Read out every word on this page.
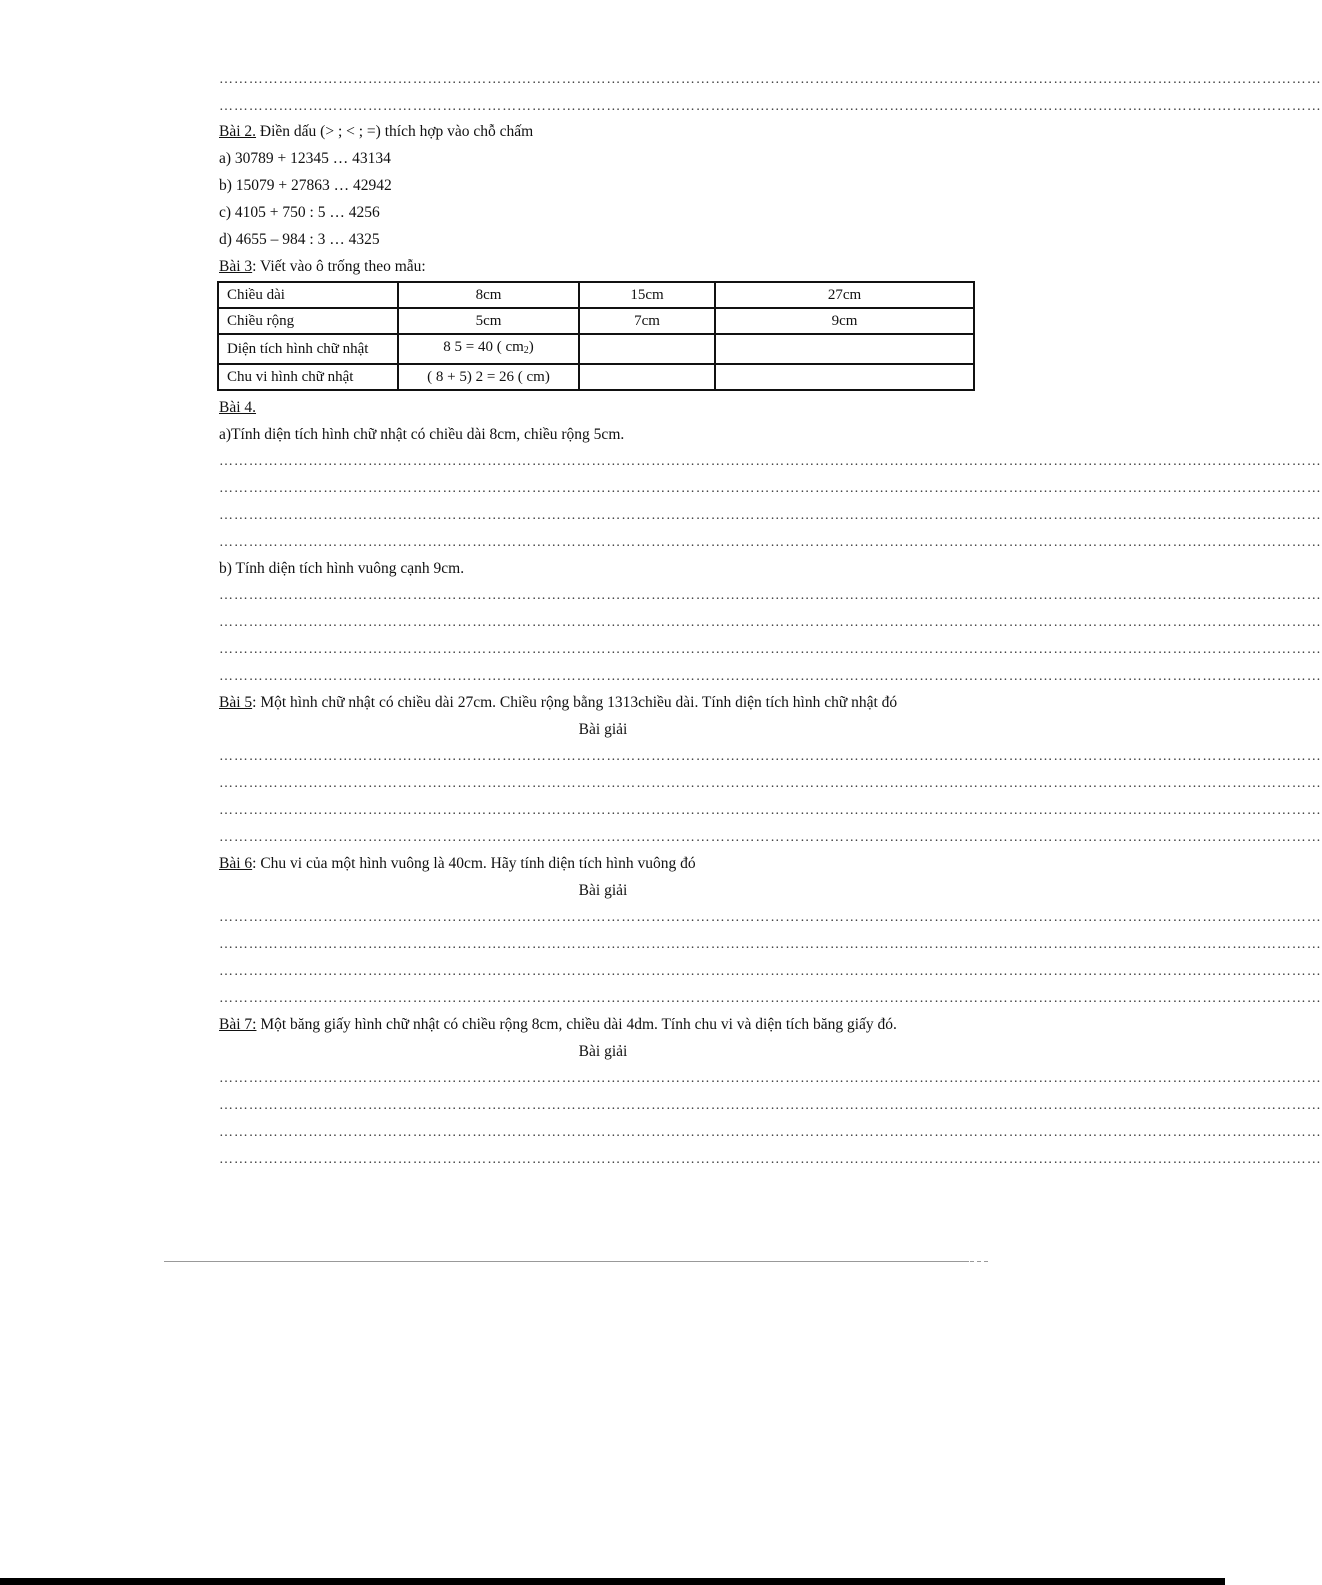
……………………………………………………………………………………………………………………………………………………………………………………………………
……………………………………………………………………………………………………………………………………………………………………………………………………
Bài 2. Điền dấu (> ; < ; =) thích hợp vào chỗ chấm
a) 30789 + 12345 … 43134
b) 15079 + 27863 … 42942
c) 4105 + 750 : 5 … 4256
d) 4655 – 984 : 3 … 4325
Bài 3: Viết vào ô trống theo mẫu:
Chiều dài	8cm	15cm	27cm
Chiều rộng	5cm	7cm	9cm
Diện tích hình chữ nhật	8 5 = 40 ( $cm_2$)		
Chu vi hình chữ nhật	( 8 + 5) 2 = 26 ( cm)		
Bài 4.
a)Tính diện tích hình chữ nhật có chiều dài 8cm, chiều rộng 5cm.
……………………………………………………………………………………………………………………………………………………………………………………………………
……………………………………………………………………………………………………………………………………………………………………………………………………
……………………………………………………………………………………………………………………………………………………………………………………………………
……………………………………………………………………………………………………………………………………………………………………………………………………
b) Tính diện tích hình vuông cạnh 9cm.
……………………………………………………………………………………………………………………………………………………………………………………………………
……………………………………………………………………………………………………………………………………………………………………………………………………
……………………………………………………………………………………………………………………………………………………………………………………………………
……………………………………………………………………………………………………………………………………………………………………………………………………
Bài 5: Một hình chữ nhật có chiều dài 27cm. Chiều rộng bằng 1313chiều dài. Tính diện tích hình chữ nhật đó
Bài giải
……………………………………………………………………………………………………………………………………………………………………………………………………
……………………………………………………………………………………………………………………………………………………………………………………………………
……………………………………………………………………………………………………………………………………………………………………………………………………
……………………………………………………………………………………………………………………………………………………………………………………………………
Bài 6: Chu vi của một hình vuông là 40cm. Hãy tính diện tích hình vuông đó
Bài giải
……………………………………………………………………………………………………………………………………………………………………………………………………
……………………………………………………………………………………………………………………………………………………………………………………………………
……………………………………………………………………………………………………………………………………………………………………………………………………
……………………………………………………………………………………………………………………………………………………………………………………………………
Bài 7: Một băng giấy hình chữ nhật có chiều rộng 8cm, chiều dài 4dm. Tính chu vi và diện tích băng giấy đó.
Bài giải
……………………………………………………………………………………………………………………………………………………………………………………………………
……………………………………………………………………………………………………………………………………………………………………………………………………
……………………………………………………………………………………………………………………………………………………………………………………………………
……………………………………………………………………………………………………………………………………………………………………………………………………
